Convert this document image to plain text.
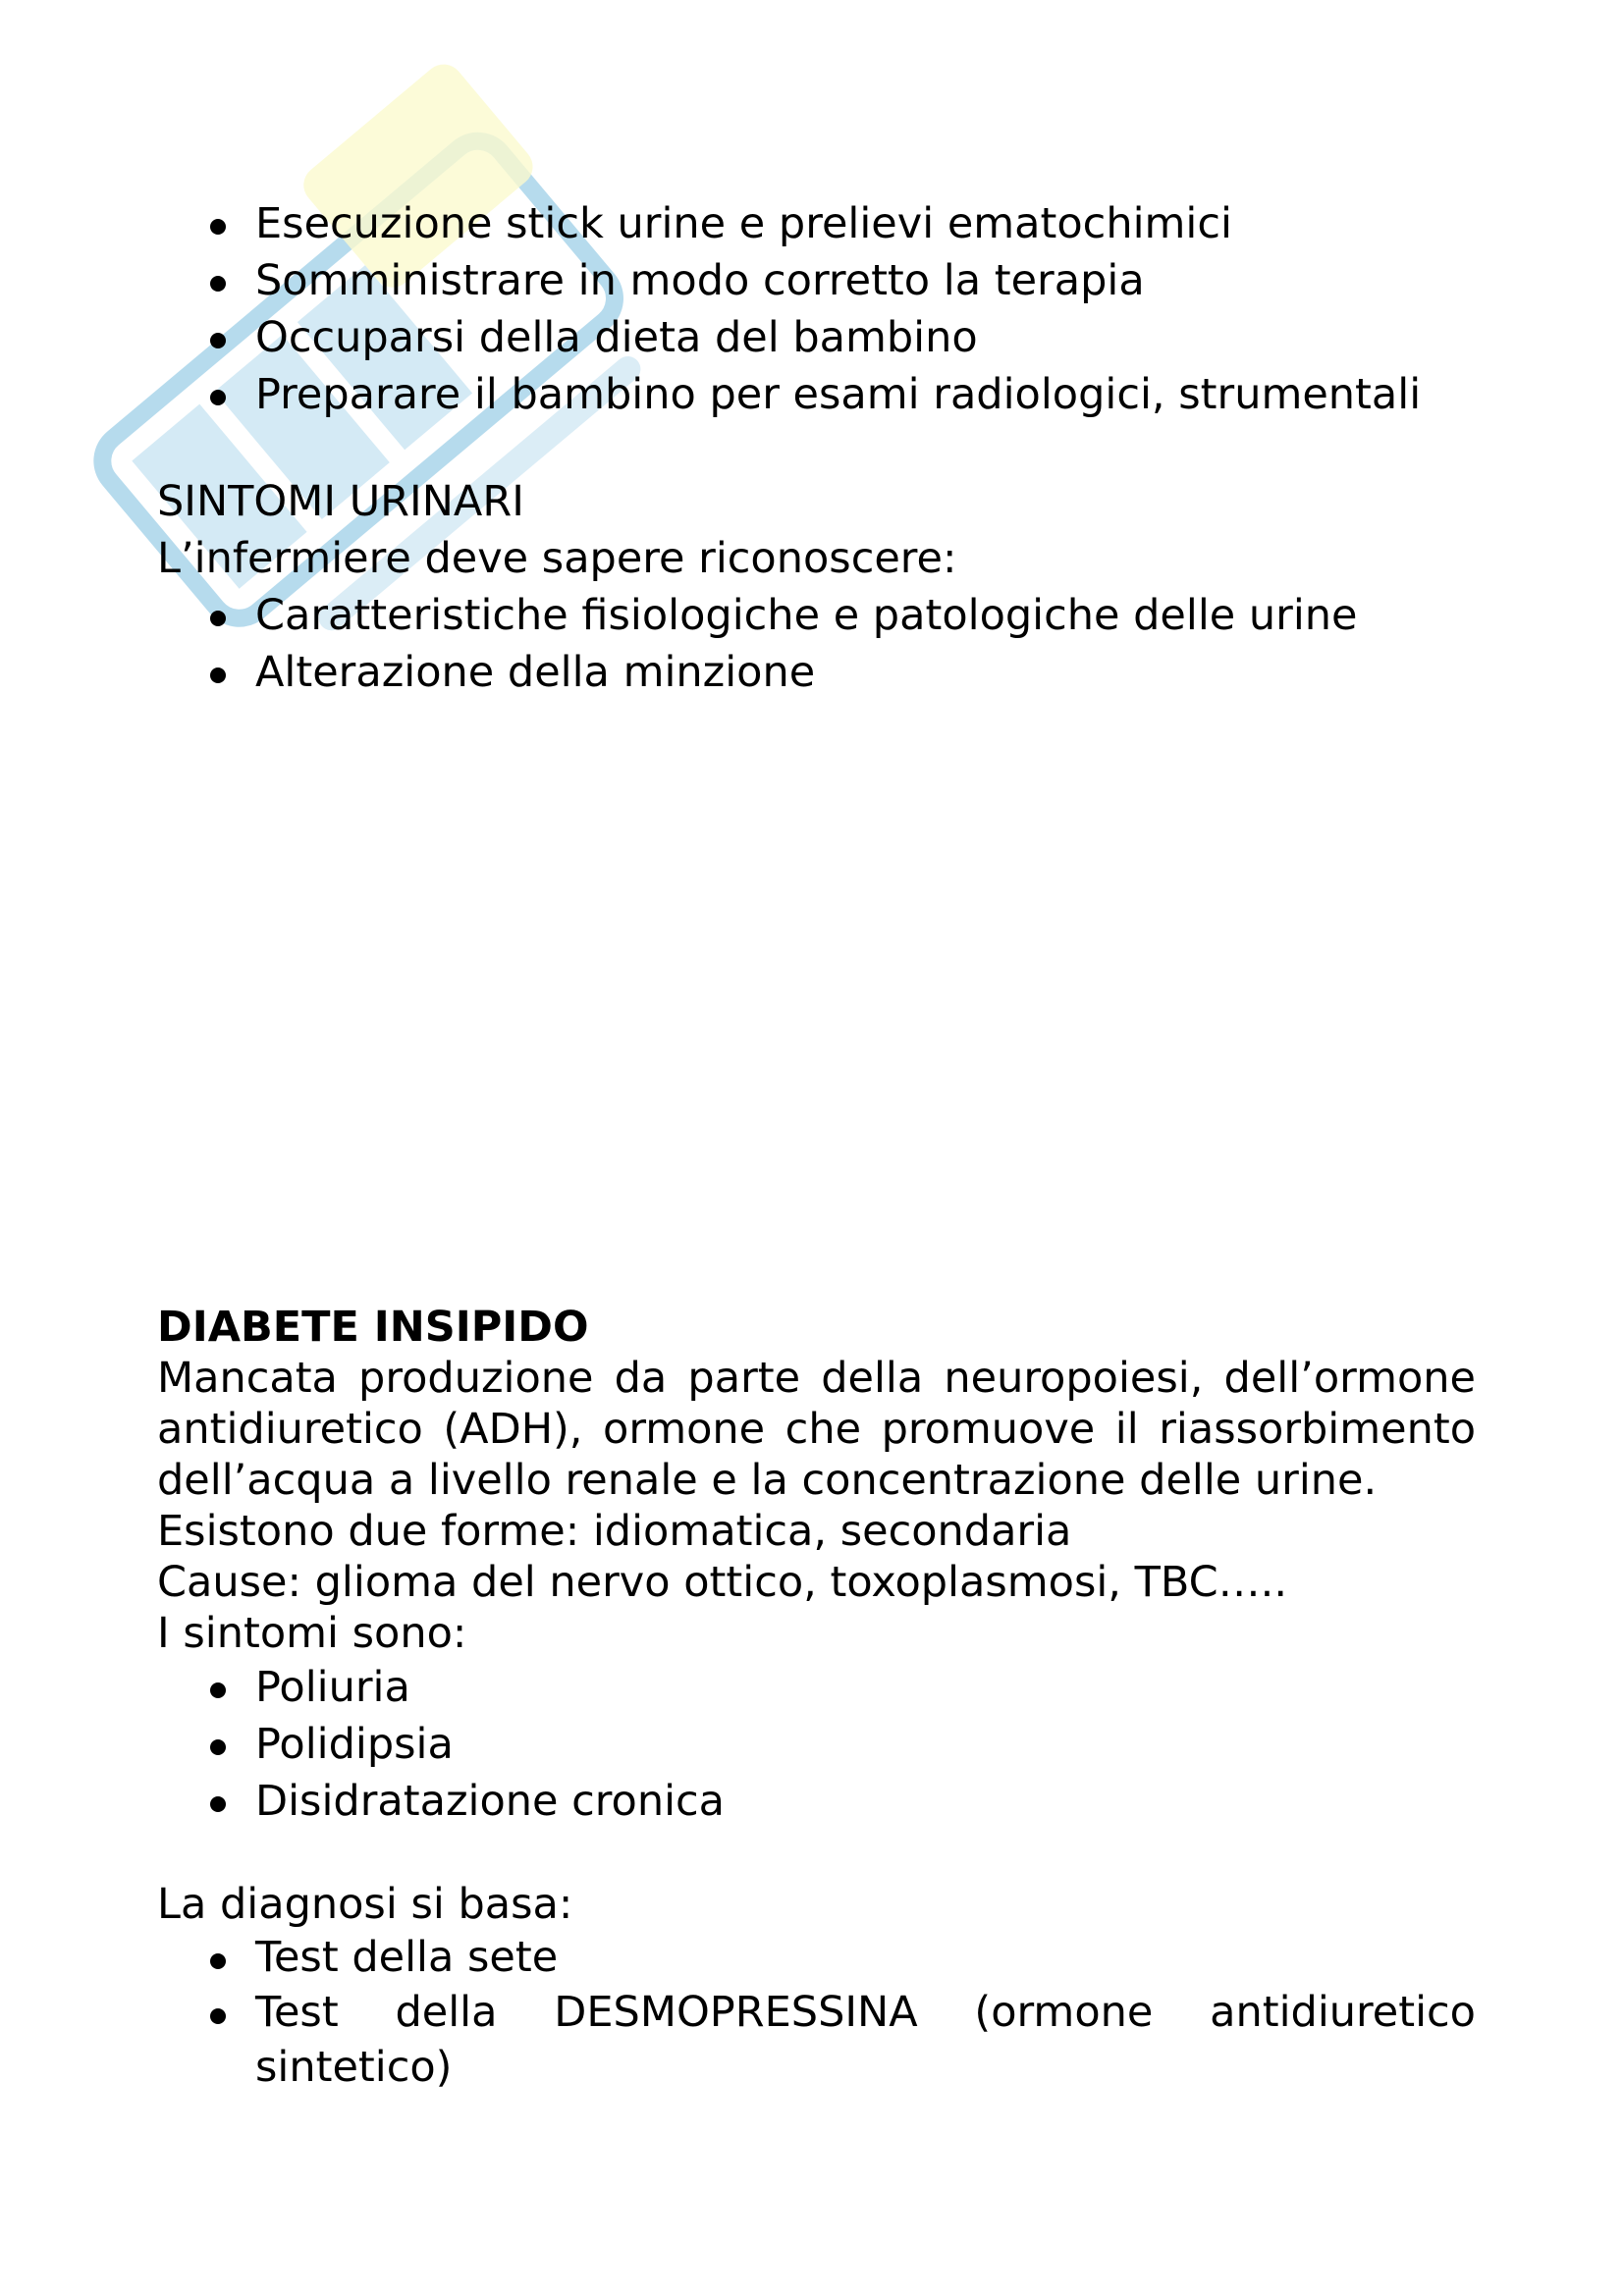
Esecuzione stick urine e prelievi ematochimici
Somministrare in modo corretto la terapia
Occuparsi della dieta del bambino
Preparare il bambino per esami radiologici, strumentali

SINTOMI URINARI

L’infermiere deve sapere riconoscere:

Caratteristiche fisiologiche e patologiche delle urine
Alterazione della minzione

DIABETE INSIPIDO

Mancata produzione da parte della neuropoiesi, dell’ormone antidiuretico (ADH), ormone che promuove il riassorbimento dell’acqua a livello renale e la concentrazione delle urine.

Esistono due forme: idiomatica, secondaria

Cause: glioma del nervo ottico, toxoplasmosi, TBC…..

I sintomi sono:

Poliuria
Polidipsia
Disidratazione cronica

La diagnosi si basa:

Test della sete
Test della DESMOPRESSINA (ormone antidiuretico sintetico)
